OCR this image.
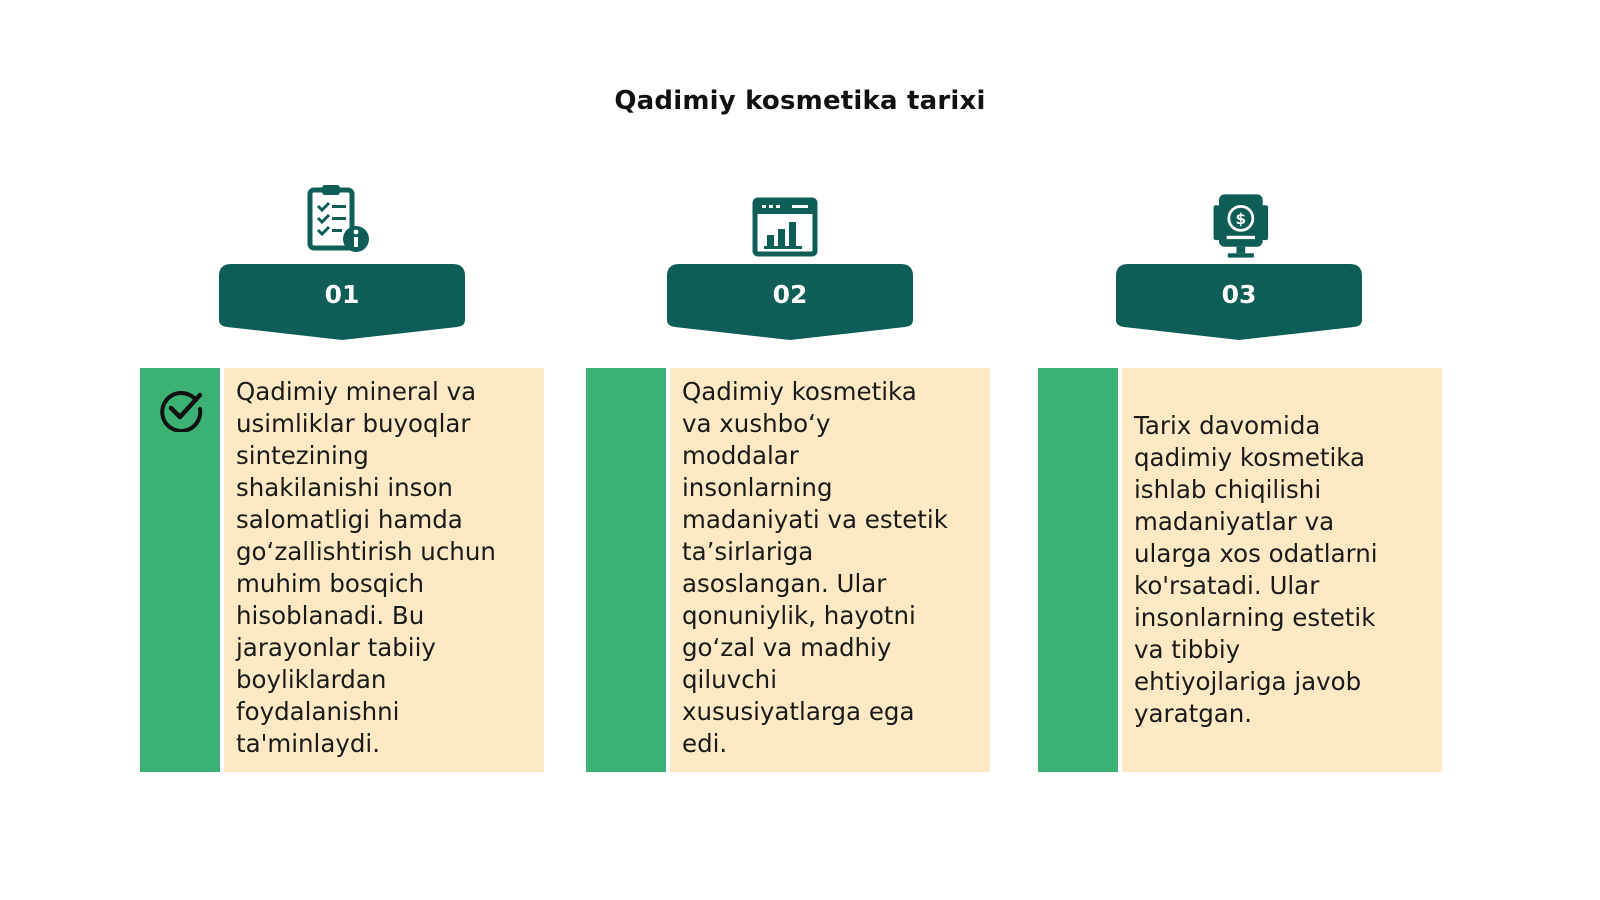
Qadimiy kosmetika tarixi
01
Qadimiy mineral va
usimliklar buyoqlar
sintezining
shakilanishi inson
salomatligi hamda
go‘zallishtirish uchun
muhim bosqich
hisoblanadi. Bu
jarayonlar tabiiy
boyliklardan
foydalanishni
ta'minlaydi.
02
Qadimiy kosmetika
va xushbo‘y
moddalar
insonlarning
madaniyati va estetik
ta’sirlariga
asoslangan. Ular
qonuniylik, hayotni
go‘zal va madhiy
qiluvchi
xususiyatlarga ega
edi.
$
03
Tarix davomida
qadimiy kosmetika
ishlab chiqilishi
madaniyatlar va
ularga xos odatlarni
ko'rsatadi. Ular
insonlarning estetik
va tibbiy
ehtiyojlariga javob
yaratgan.
